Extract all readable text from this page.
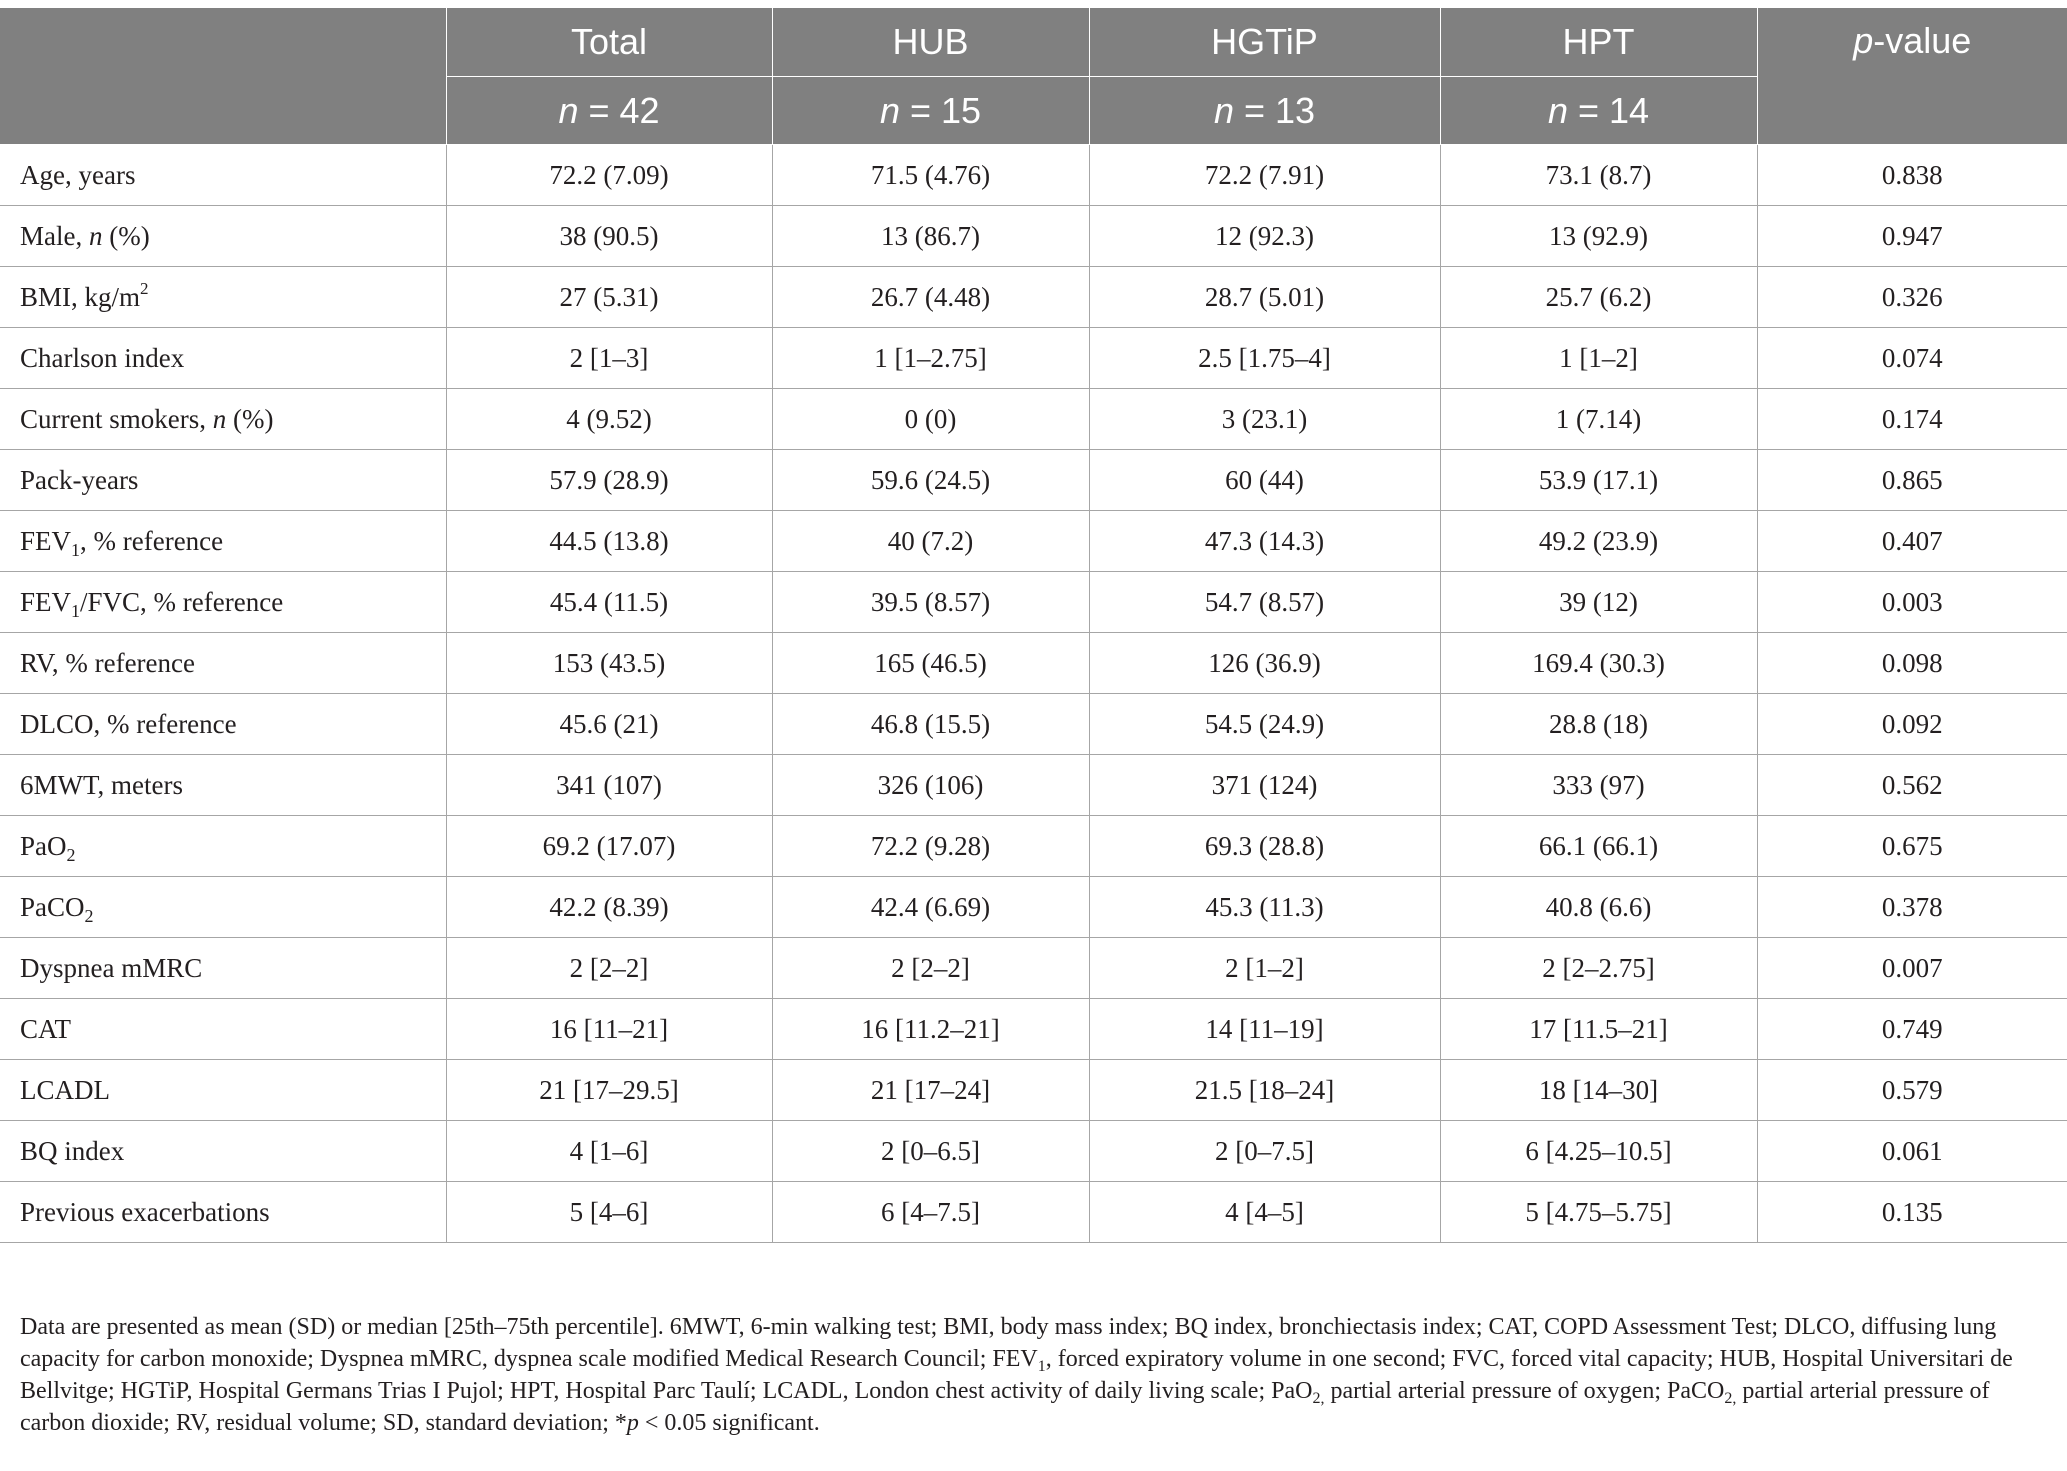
	Total	HUB	HGTiP	HPT	p-value
	n = 42	n = 15	n = 13	n = 14	
Age, years	72.2 (7.09)	71.5 (4.76)	72.2 (7.91)	73.1 (8.7)	0.838
Male, n (%)	38 (90.5)	13 (86.7)	12 (92.3)	13 (92.9)	0.947
BMI, $kg/m^2$	27 (5.31)	26.7 (4.48)	28.7 (5.01)	25.7 (6.2)	0.326
Charlson index	2 [1–3]	1 [1–2.75]	2.5 [1.75–4]	1 [1–2]	0.074
Current smokers, n (%)	4 (9.52)	0 (0)	3 (23.1)	1 (7.14)	0.174
Pack-years	57.9 (28.9)	59.6 (24.5)	60 (44)	53.9 (17.1)	0.865
$FEV_1$, % reference	44.5 (13.8)	40 (7.2)	47.3 (14.3)	49.2 (23.9)	0.407
$FEV_1$/FVC, % reference	45.4 (11.5)	39.5 (8.57)	54.7 (8.57)	39 (12)	0.003
RV, % reference	153 (43.5)	165 (46.5)	126 (36.9)	169.4 (30.3)	0.098
DLCO, % reference	45.6 (21)	46.8 (15.5)	54.5 (24.9)	28.8 (18)	0.092
6MWT, meters	341 (107)	326 (106)	371 (124)	333 (97)	0.562
PaO$_2$	69.2 (17.07)	72.2 (9.28)	69.3 (28.8)	66.1 (66.1)	0.675
PaCO$_2$	42.2 (8.39)	42.4 (6.69)	45.3 (11.3)	40.8 (6.6)	0.378
Dyspnea mMRC	2 [2–2]	2 [2–2]	2 [1–2]	2 [2–2.75]	0.007
CAT	16 [11–21]	16 [11.2–21]	14 [11–19]	17 [11.5–21]	0.749
LCADL	21 [17–29.5]	21 [17–24]	21.5 [18–24]	18 [14–30]	0.579
BQ index	4 [1–6]	2 [0–6.5]	2 [0–7.5]	6 [4.25–10.5]	0.061
Previous exacerbations	5 [4–6]	6 [4–7.5]	4 [4–5]	5 [4.75–5.75]	0.135
Data are presented as mean (SD) or median [25th–75th percentile]. 6MWT, 6-min walking test; BMI, body mass index; BQ index, bronchiectasis index; CAT, COPD Assessment Test; DLCO, diffusing lung capacity for carbon monoxide; Dyspnea mMRC, dyspnea scale modified Medical Research Council; $FEV_1$, forced expiratory volume in one second; FVC, forced vital capacity; HUB, Hospital Universitari de Bellvitge; HGTiP, Hospital Germans Trias I Pujol; HPT, Hospital Parc Taulí; LCADL, London chest activity of daily living scale; PaO$_{2,}$ partial arterial pressure of oxygen; PaCO$_{2,}$ partial arterial pressure of carbon dioxide; RV, residual volume; SD, standard deviation; *p < 0.05 significant.
